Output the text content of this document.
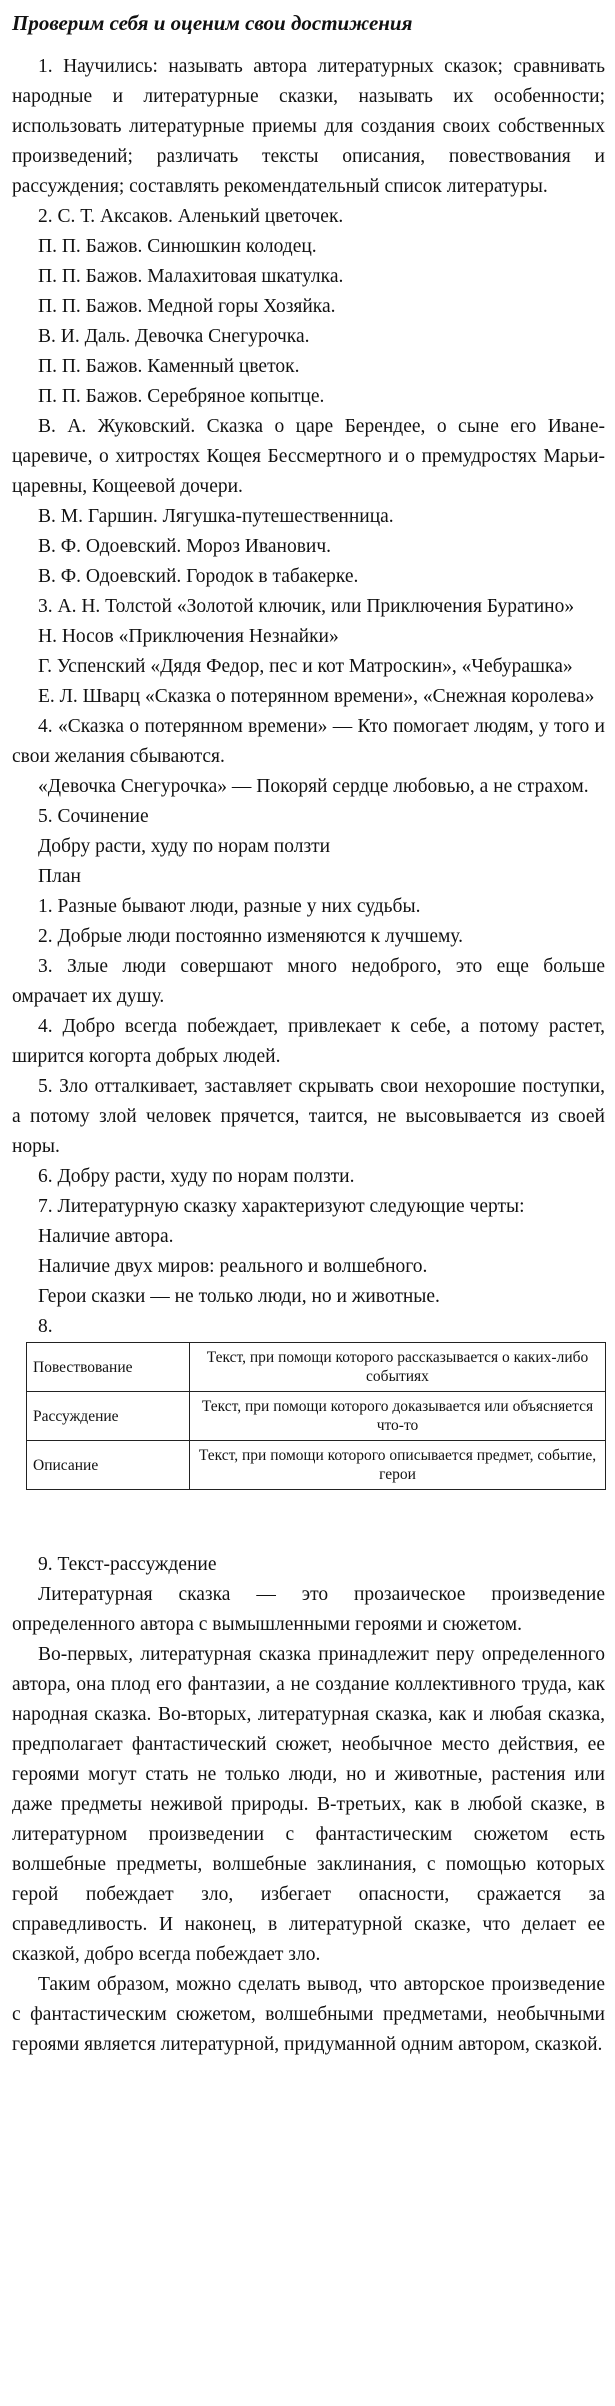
Проверим себя и оценим свои достижения
1. Научились: называть автора литературных сказок; сравнивать народные и литературные сказки, называть их особенности; использовать литературные приемы для создания своих собственных произведений; различать тексты описания, повествования и рассуждения; составлять рекомендательный список литературы.
2. С. Т. Аксаков. Аленький цветочек.
П. П. Бажов. Синюшкин колодец.
П. П. Бажов. Малахитовая шкатулка.
П. П. Бажов. Медной горы Хозяйка.
В. И. Даль. Девочка Снегурочка.
П. П. Бажов. Каменный цветок.
П. П. Бажов. Серебряное копытце.
В. А. Жуковский. Сказка о царе Берендее, о сыне его Иване-царевиче, о хитростях Кощея Бессмертного и о премудростях Марьи-царевны, Кощеевой дочери.
В. М. Гаршин. Лягушка-путешественница.
В. Ф. Одоевский. Мороз Иванович.
В. Ф. Одоевский. Городок в табакерке.
3. А. Н. Толстой «Золотой ключик, или Приключения Буратино»
Н. Носов «Приключения Незнайки»
Г. Успенский «Дядя Федор, пес и кот Матроскин», «Чебурашка»
Е. Л. Шварц «Сказка о потерянном времени», «Снежная королева»
4. «Сказка о потерянном времени» — Кто помогает людям, у того и свои желания сбываются.
«Девочка Снегурочка» — Покоряй сердце любовью, а не страхом.
5. Сочинение
Добру расти, худу по норам ползти
План
1. Разные бывают люди, разные у них судьбы.
2. Добрые люди постоянно изменяются к лучшему.
3. Злые люди совершают много недоброго, это еще больше омрачает их душу.
4. Добро всегда побеждает, привлекает к себе, а потому растет, ширится когорта добрых людей.
5. Зло отталкивает, заставляет скрывать свои нехорошие поступки, а потому злой человек прячется, таится, не высовывается из своей норы.
6. Добру расти, худу по норам ползти.
7. Литературную сказку характеризуют следующие черты:
Наличие автора.
Наличие двух миров: реального и волшебного.
Герои сказки — не только люди, но и животные.
8.
Повествование	Текст, при помощи которого рассказывается о каких-либо событиях
Рассуждение	Текст, при помощи которого доказывается или объясняется что-то
Описание	Текст, при помощи которого описывается предмет, событие, герои
9. Текст-рассуждение
Литературная сказка — это прозаическое произведение определенного автора с вымышленными героями и сюжетом.
Во-первых, литературная сказка принадлежит перу определенного автора, она плод его фантазии, а не создание коллективного труда, как народная сказка. Во-вторых, литературная сказка, как и любая сказка, предполагает фантастический сюжет, необычное место действия, ее героями могут стать не только люди, но и животные, растения или даже предметы неживой природы. В-третьих, как в любой сказке, в литературном произведении с фантастическим сюжетом есть волшебные предметы, волшебные заклинания, с помощью которых герой побеждает зло, избегает опасности, сражается за справедливость. И наконец, в литературной сказке, что делает ее сказкой, добро всегда побеждает зло.
Таким образом, можно сделать вывод, что авторское произведение с фантастическим сюжетом, волшебными предметами, необычными героями является литературной, придуманной одним автором, сказкой.
